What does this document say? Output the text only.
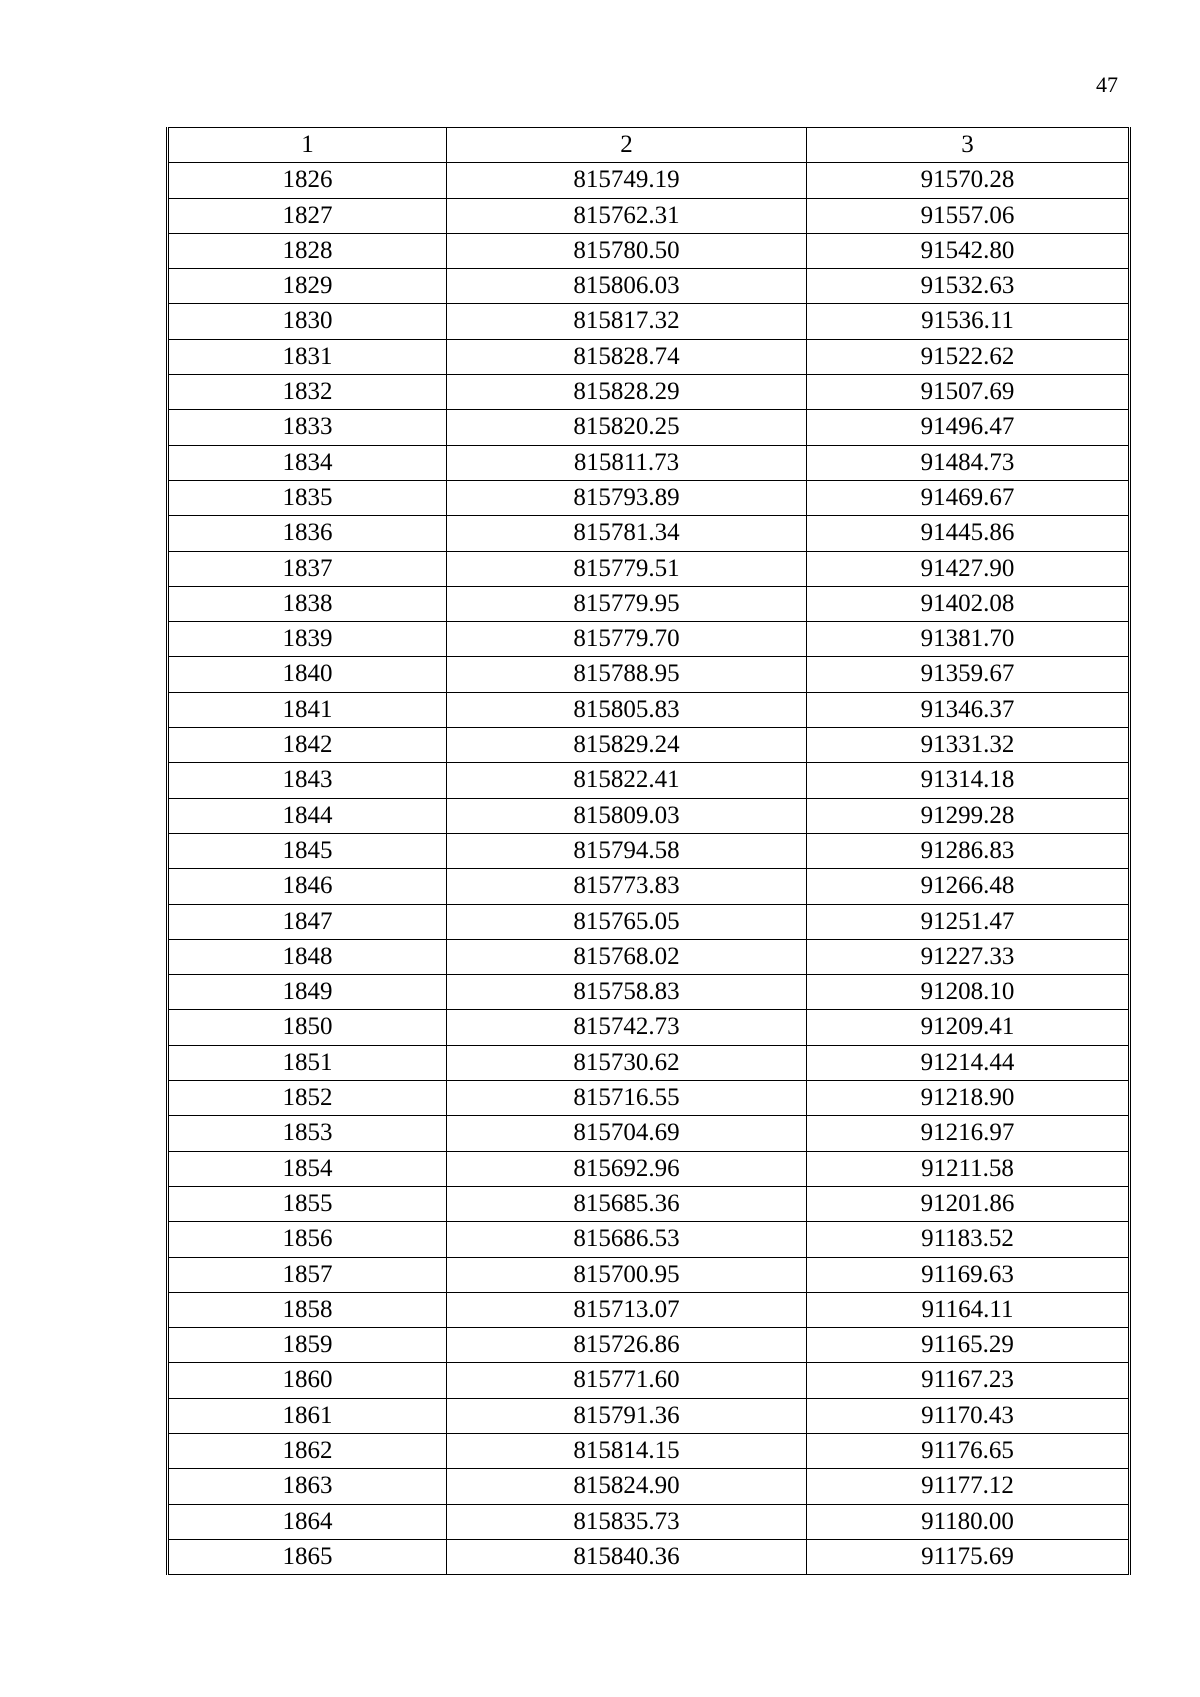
47
1	2	3
1826	815749.19	91570.28
1827	815762.31	91557.06
1828	815780.50	91542.80
1829	815806.03	91532.63
1830	815817.32	91536.11
1831	815828.74	91522.62
1832	815828.29	91507.69
1833	815820.25	91496.47
1834	815811.73	91484.73
1835	815793.89	91469.67
1836	815781.34	91445.86
1837	815779.51	91427.90
1838	815779.95	91402.08
1839	815779.70	91381.70
1840	815788.95	91359.67
1841	815805.83	91346.37
1842	815829.24	91331.32
1843	815822.41	91314.18
1844	815809.03	91299.28
1845	815794.58	91286.83
1846	815773.83	91266.48
1847	815765.05	91251.47
1848	815768.02	91227.33
1849	815758.83	91208.10
1850	815742.73	91209.41
1851	815730.62	91214.44
1852	815716.55	91218.90
1853	815704.69	91216.97
1854	815692.96	91211.58
1855	815685.36	91201.86
1856	815686.53	91183.52
1857	815700.95	91169.63
1858	815713.07	91164.11
1859	815726.86	91165.29
1860	815771.60	91167.23
1861	815791.36	91170.43
1862	815814.15	91176.65
1863	815824.90	91177.12
1864	815835.73	91180.00
1865	815840.36	91175.69
